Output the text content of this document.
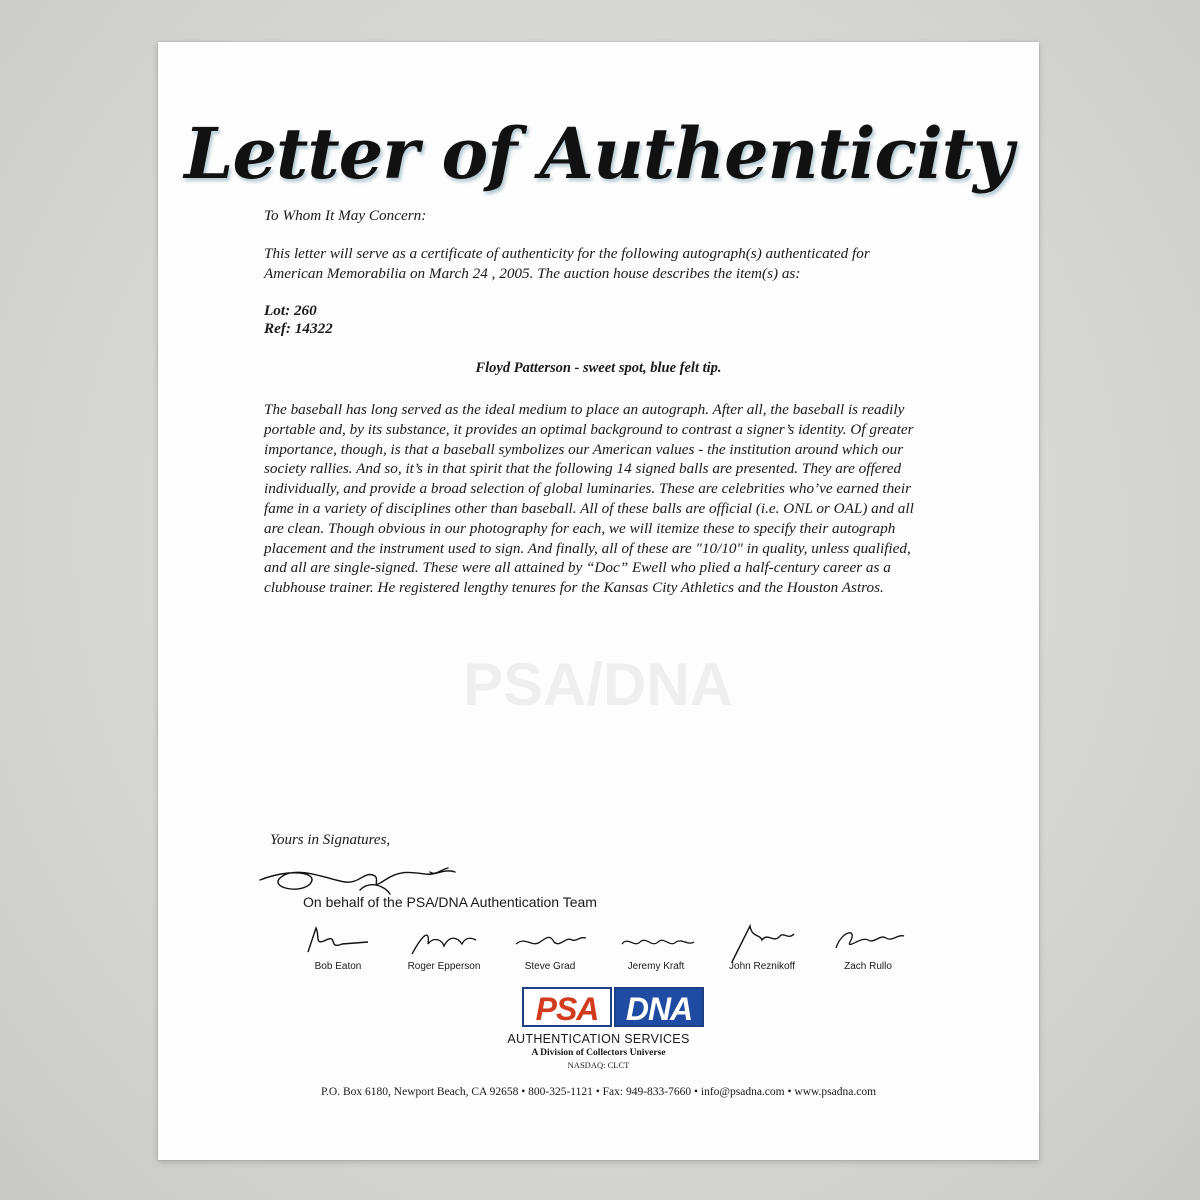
Letter of Authenticity
To Whom It May Concern:
This letter will serve as a certificate of authenticity for the following autograph(s) authenticated for American Memorabilia on March 24 , 2005. The auction house describes the item(s) as:
Lot: 260
Ref: 14322
Floyd Patterson - sweet spot, blue felt tip.
The baseball has long served as the ideal medium to place an autograph. After all, the baseball is readily portable and, by its substance, it provides an optimal background to contrast a signer’s identity. Of greater importance, though, is that a baseball symbolizes our American values - the institution around which our society rallies. And so, it’s in that spirit that the following 14 signed balls are presented. They are offered individually, and provide a broad selection of global luminaries. These are celebrities who’ve earned their fame in a variety of disciplines other than baseball. All of these balls are official (i.e. ONL or OAL) and all are clean. Though obvious in our photography for each, we will itemize these to specify their autograph placement and the instrument used to sign. And finally, all of these are "10/10" in quality, unless qualified, and all are single-signed. These were all attained by “Doc” Ewell who plied a half-century career as a clubhouse trainer. He registered lengthy tenures for the Kansas City Athletics and the Houston Astros.
PSA/DNA
Yours in Signatures,
On behalf of the PSA/DNA Authentication Team
Bob Eaton	Roger Epperson	Steve Grad	Jeremy Kraft	John Reznikoff	Zach Rullo
PSA DNA
AUTHENTICATION SERVICES
A Division of Collectors Universe
NASDAQ: CLCT
P.O. Box 6180, Newport Beach, CA 92658 • 800-325-1121 • Fax: 949-833-7660 • info@psadna.com • www.psadna.com
